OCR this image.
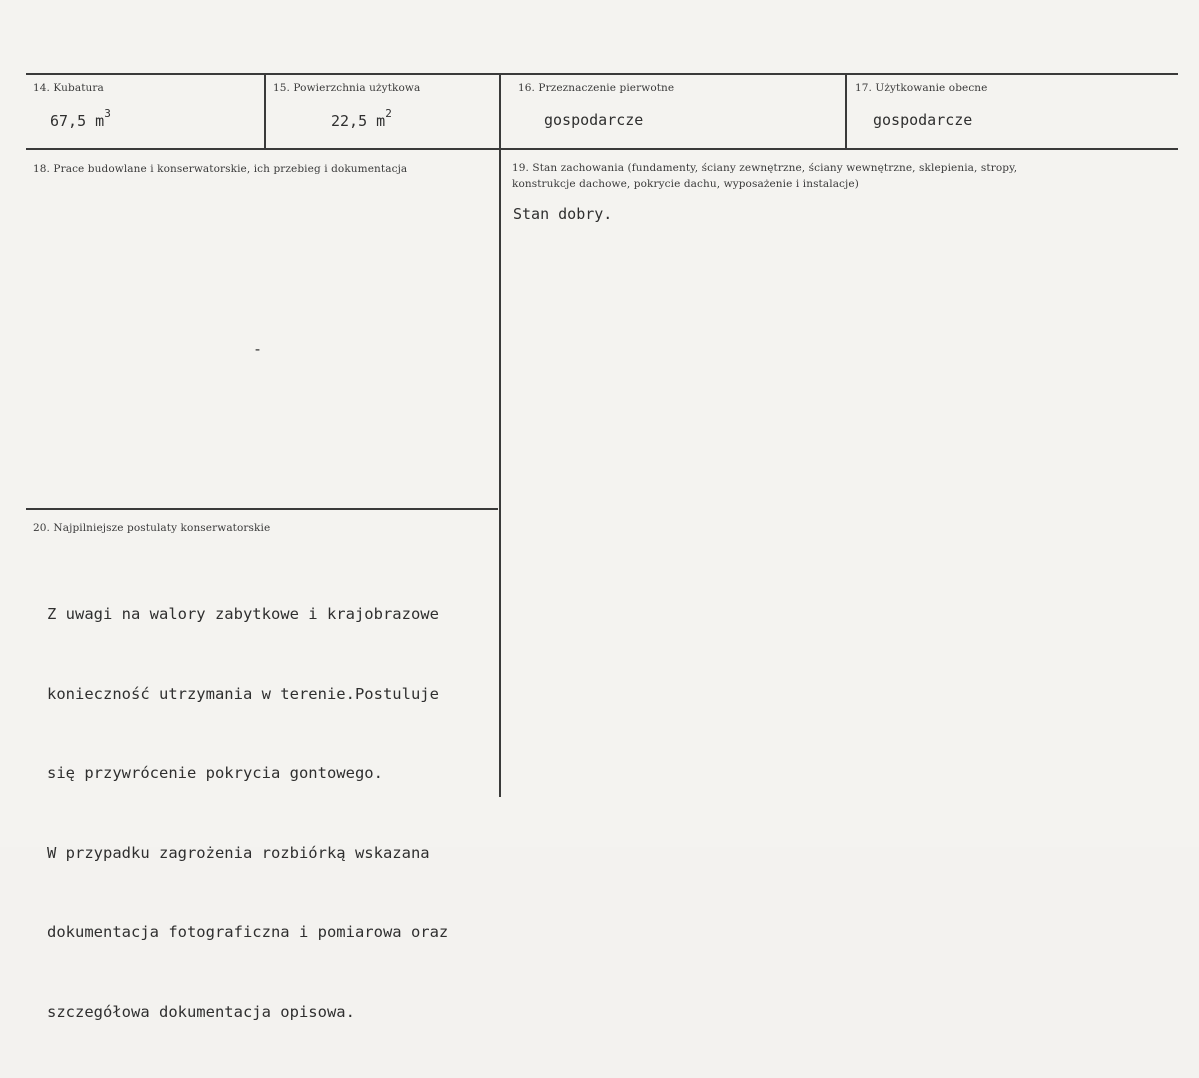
14. Kubatura
67,5 $m^3$
15. Powierzchnia użytkowa
22,5 $m^2$
16. Przeznaczenie pierwotne
gospodarcze
17. Użytkowanie obecne
gospodarcze
18. Prace budowlane i konserwatorskie, ich przebieg i dokumentacja
-
19. Stan zachowania (fundamenty, ściany zewnętrzne, ściany wewnętrzne, sklepienia, stropy,
konstrukcje dachowe, pokrycie dachu, wyposażenie i instalacje)
Stan dobry.
20. Najpilniejsze postulaty konserwatorskie

Z uwagi na walory zabytkowe i krajobrazowe

konieczność utrzymania w terenie.Postuluje

się przywrócenie pokrycia gontowego.

W przypadku zagrożenia rozbiórką wskazana

dokumentacja fotograficzna i pomiarowa oraz

szczegółowa dokumentacja opisowa.
